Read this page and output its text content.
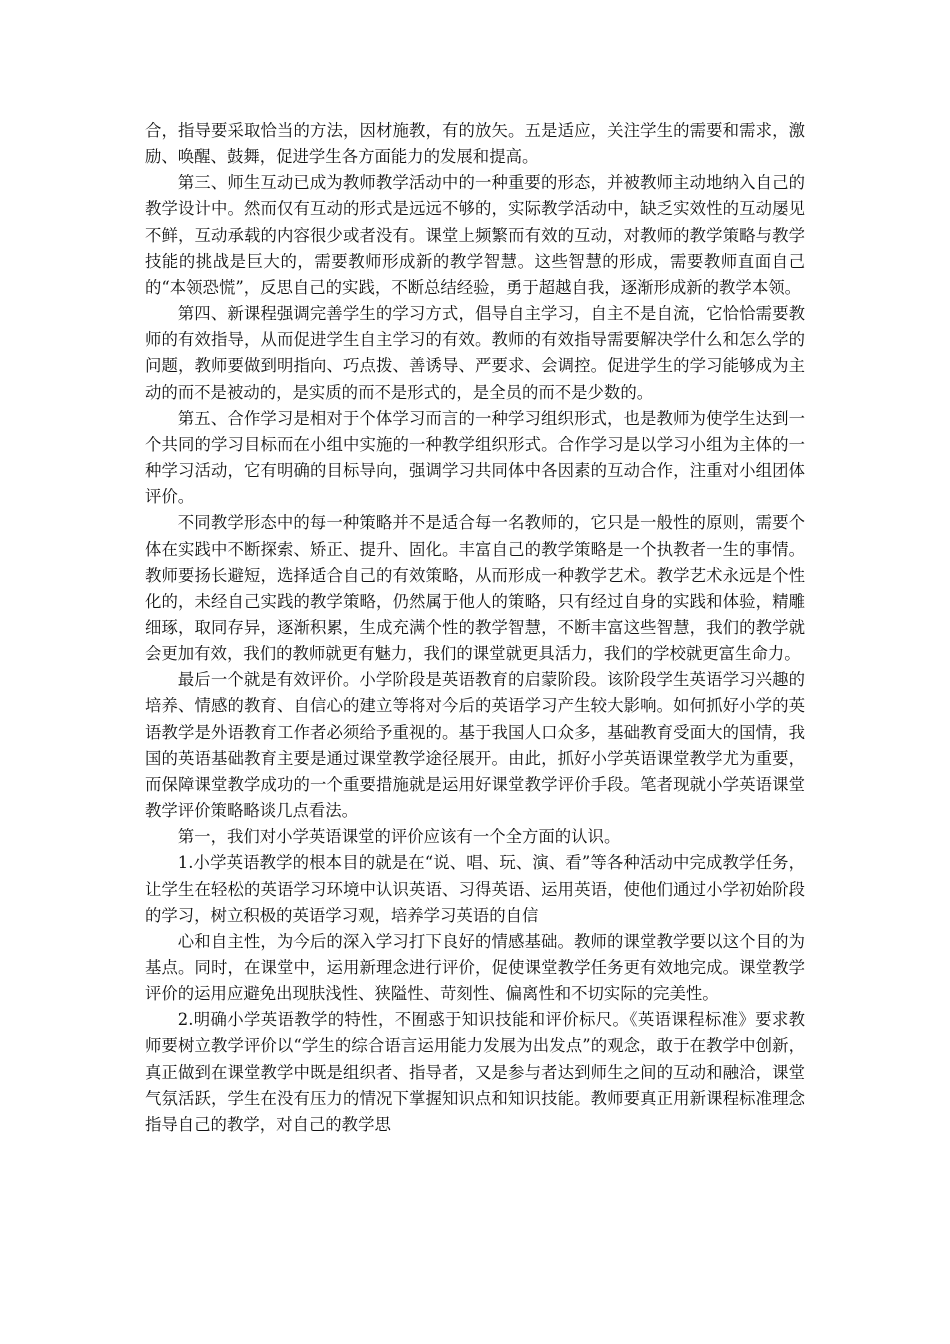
合，指导要采取恰当的方法，因材施教，有的放矢。五是适应，关注学生的需要和需求，激励、唤醒、鼓舞，促进学生各方面能力的发展和提高。

第三、师生互动已成为教师教学活动中的一种重要的形态，并被教师主动地纳入自己的教学设计中。然而仅有互动的形式是远远不够的，实际教学活动中，缺乏实效性的互动屡见不鲜，互动承载的内容很少或者没有。课堂上频繁而有效的互动，对教师的教学策略与教学技能的挑战是巨大的，需要教师形成新的教学智慧。这些智慧的形成，需要教师直面自己的“本领恐慌”，反思自己的实践，不断总结经验，勇于超越自我，逐渐形成新的教学本领。

第四、新课程强调完善学生的学习方式，倡导自主学习，自主不是自流，它恰恰需要教师的有效指导，从而促进学生自主学习的有效。教师的有效指导需要解决学什么和怎么学的问题，教师要做到明指向、巧点拨、善诱导、严要求、会调控。促进学生的学习能够成为主动的而不是被动的，是实质的而不是形式的，是全员的而不是少数的。

第五、合作学习是相对于个体学习而言的一种学习组织形式，也是教师为使学生达到一个共同的学习目标而在小组中实施的一种教学组织形式。合作学习是以学习小组为主体的一种学习活动，它有明确的目标导向，强调学习共同体中各因素的互动合作，注重对小组团体评价。

不同教学形态中的每一种策略并不是适合每一名教师的，它只是一般性的原则，需要个体在实践中不断探索、矫正、提升、固化。丰富自己的教学策略是一个执教者一生的事情。教师要扬长避短，选择适合自己的有效策略，从而形成一种教学艺术。教学艺术永远是个性化的，未经自己实践的教学策略，仍然属于他人的策略，只有经过自身的实践和体验，精雕细琢，取同存异，逐渐积累，生成充满个性的教学智慧，不断丰富这些智慧，我们的教学就会更加有效，我们的教师就更有魅力，我们的课堂就更具活力，我们的学校就更富生命力。

最后一个就是有效评价。小学阶段是英语教育的启蒙阶段。该阶段学生英语学习兴趣的培养、情感的教育、自信心的建立等将对今后的英语学习产生较大影响。如何抓好小学的英语教学是外语教育工作者必须给予重视的。基于我国人口众多，基础教育受面大的国情，我国的英语基础教育主要是通过课堂教学途径展开。由此，抓好小学英语课堂教学尤为重要，而保障课堂教学成功的一个重要措施就是运用好课堂教学评价手段。笔者现就小学英语课堂教学评价策略略谈几点看法。

第一，我们对小学英语课堂的评价应该有一个全方面的认识。

1.小学英语教学的根本目的就是在“说、唱、玩、演、看”等各种活动中完成教学任务，让学生在轻松的英语学习环境中认识英语、习得英语、运用英语，使他们通过小学初始阶段的学习，树立积极的英语学习观，培养学习英语的自信

心和自主性，为今后的深入学习打下良好的情感基础。教师的课堂教学要以这个目的为基点。同时，在课堂中，运用新理念进行评价，促使课堂教学任务更有效地完成。课堂教学评价的运用应避免出现肤浅性、狭隘性、苛刻性、偏离性和不切实际的完美性。

2.明确小学英语教学的特性，不囿惑于知识技能和评价标尺。《英语课程标准》要求教师要树立教学评价以“学生的综合语言运用能力发展为出发点”的观念，敢于在教学中创新，真正做到在课堂教学中既是组织者、指导者，又是参与者达到师生之间的互动和融洽，课堂气氛活跃，学生在没有压力的情况下掌握知识点和知识技能。教师要真正用新课程标准理念指导自己的教学，对自己的教学思
